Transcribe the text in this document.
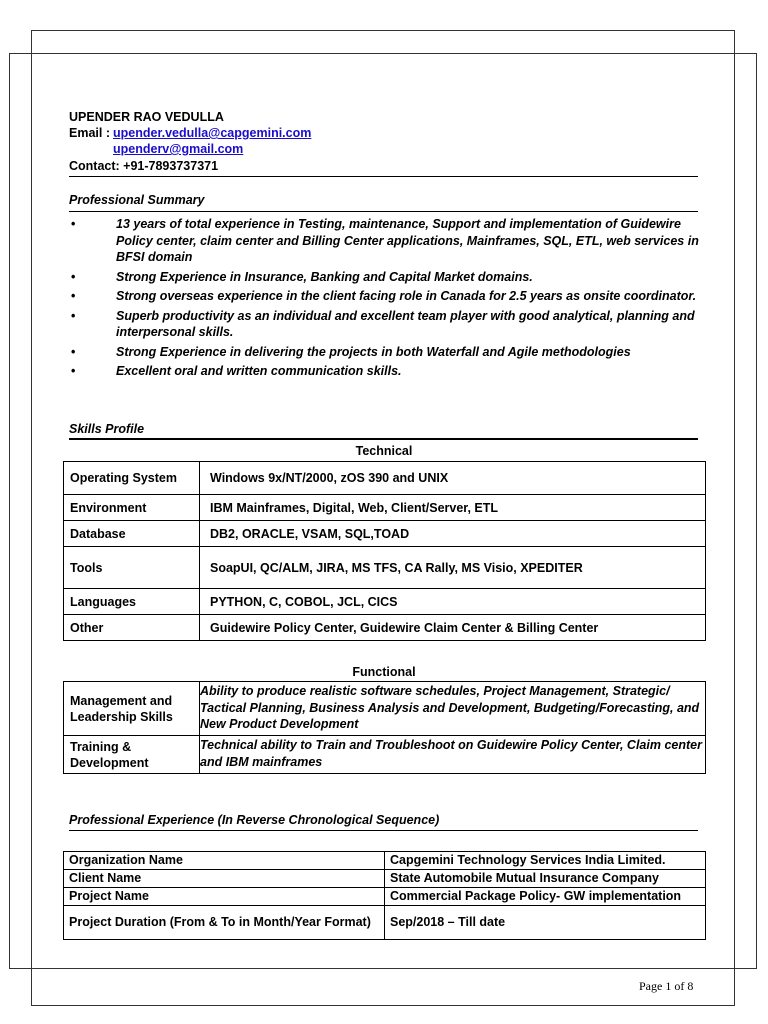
UPENDER RAO VEDULLA
Email : upender.vedulla@capgemini.com
upenderv@gmail.com
Contact: +91-7893737371
Professional Summary
•	13 years of total experience in Testing, maintenance, Support and implementation of Guidewire Policy center, claim center and Billing Center applications, Mainframes, SQL, ETL, web services in BFSI domain
•	Strong Experience in Insurance, Banking and Capital Market domains.
•	Strong overseas experience in the client facing role in Canada for 2.5 years as onsite coordinator.
•	Superb productivity as an individual and excellent team player with good analytical, planning and interpersonal skills.
•	Strong Experience in delivering the projects in both Waterfall and Agile methodologies
•	Excellent oral and written communication skills.
Skills Profile
Technical
Operating System	Windows 9x/NT/2000, zOS 390 and UNIX
Environment	IBM Mainframes, Digital, Web, Client/Server, ETL
Database	DB2, ORACLE, VSAM, SQL,TOAD
Tools	SoapUI, QC/ALM, JIRA, MS TFS, CA Rally, MS Visio, XPEDITER
Languages	PYTHON, C, COBOL, JCL, CICS
Other	Guidewire Policy Center, Guidewire Claim Center & Billing Center
Functional
Management and Leadership Skills	Ability to produce realistic software schedules, Project Management, Strategic/ Tactical Planning, Business Analysis and Development, Budgeting/Forecasting, and New Product Development
Training & Development	Technical ability to Train and Troubleshoot on Guidewire Policy Center, Claim center and IBM mainframes
Professional Experience (In Reverse Chronological Sequence)
Organization Name	Capgemini Technology Services India Limited.
Client Name	State Automobile Mutual Insurance Company
Project Name	Commercial Package Policy- GW implementation
Project Duration (From & To in Month/Year Format)	Sep/2018 – Till date
Page 1 of 8
